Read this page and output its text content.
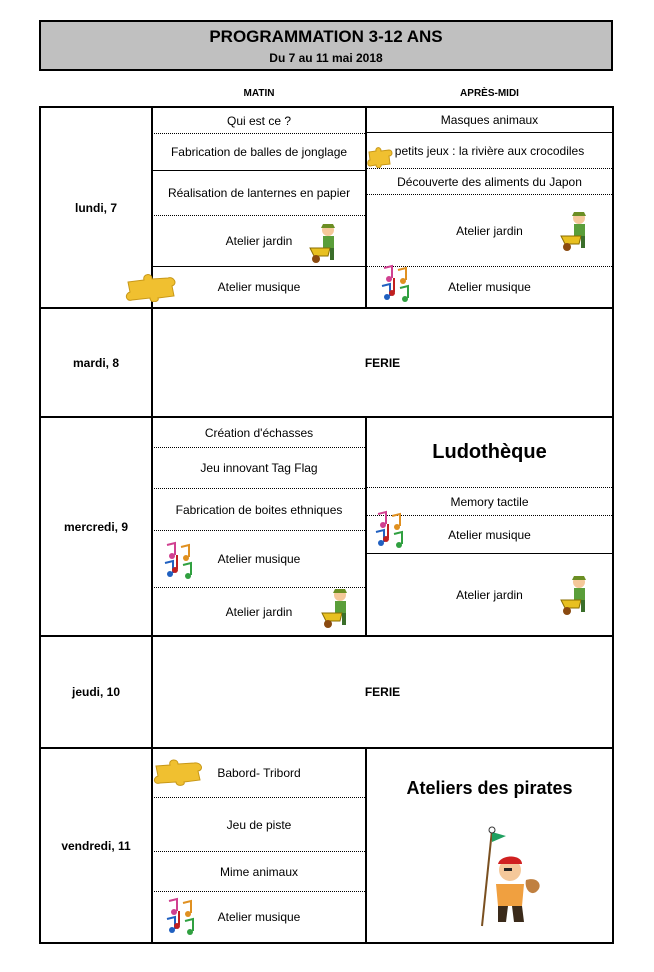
PROGRAMMATION 3-12 ANS
Du 7 au 11 mai 2018
MATIN	APRÈS-MIDI
lundi, 7
mardi, 8
mercredi, 9
jeudi, 10
vendredi, 11
Qui est ce ?
Fabrication de balles de jonglage
Réalisation de lanternes en papier
Atelier jardin
Atelier musique
Masques animaux
petits jeux : la rivière aux crocodiles
Découverte des aliments du Japon
Atelier jardin
Atelier musique
FERIE
Création d'échasses
Jeu innovant Tag Flag
Fabrication de boites ethniques
Atelier musique
Atelier jardin
Ludothèque
Memory tactile
Atelier musique
Atelier jardin
FERIE
Babord- Tribord
Jeu de piste
Mime animaux
Atelier musique
Ateliers des pirates
